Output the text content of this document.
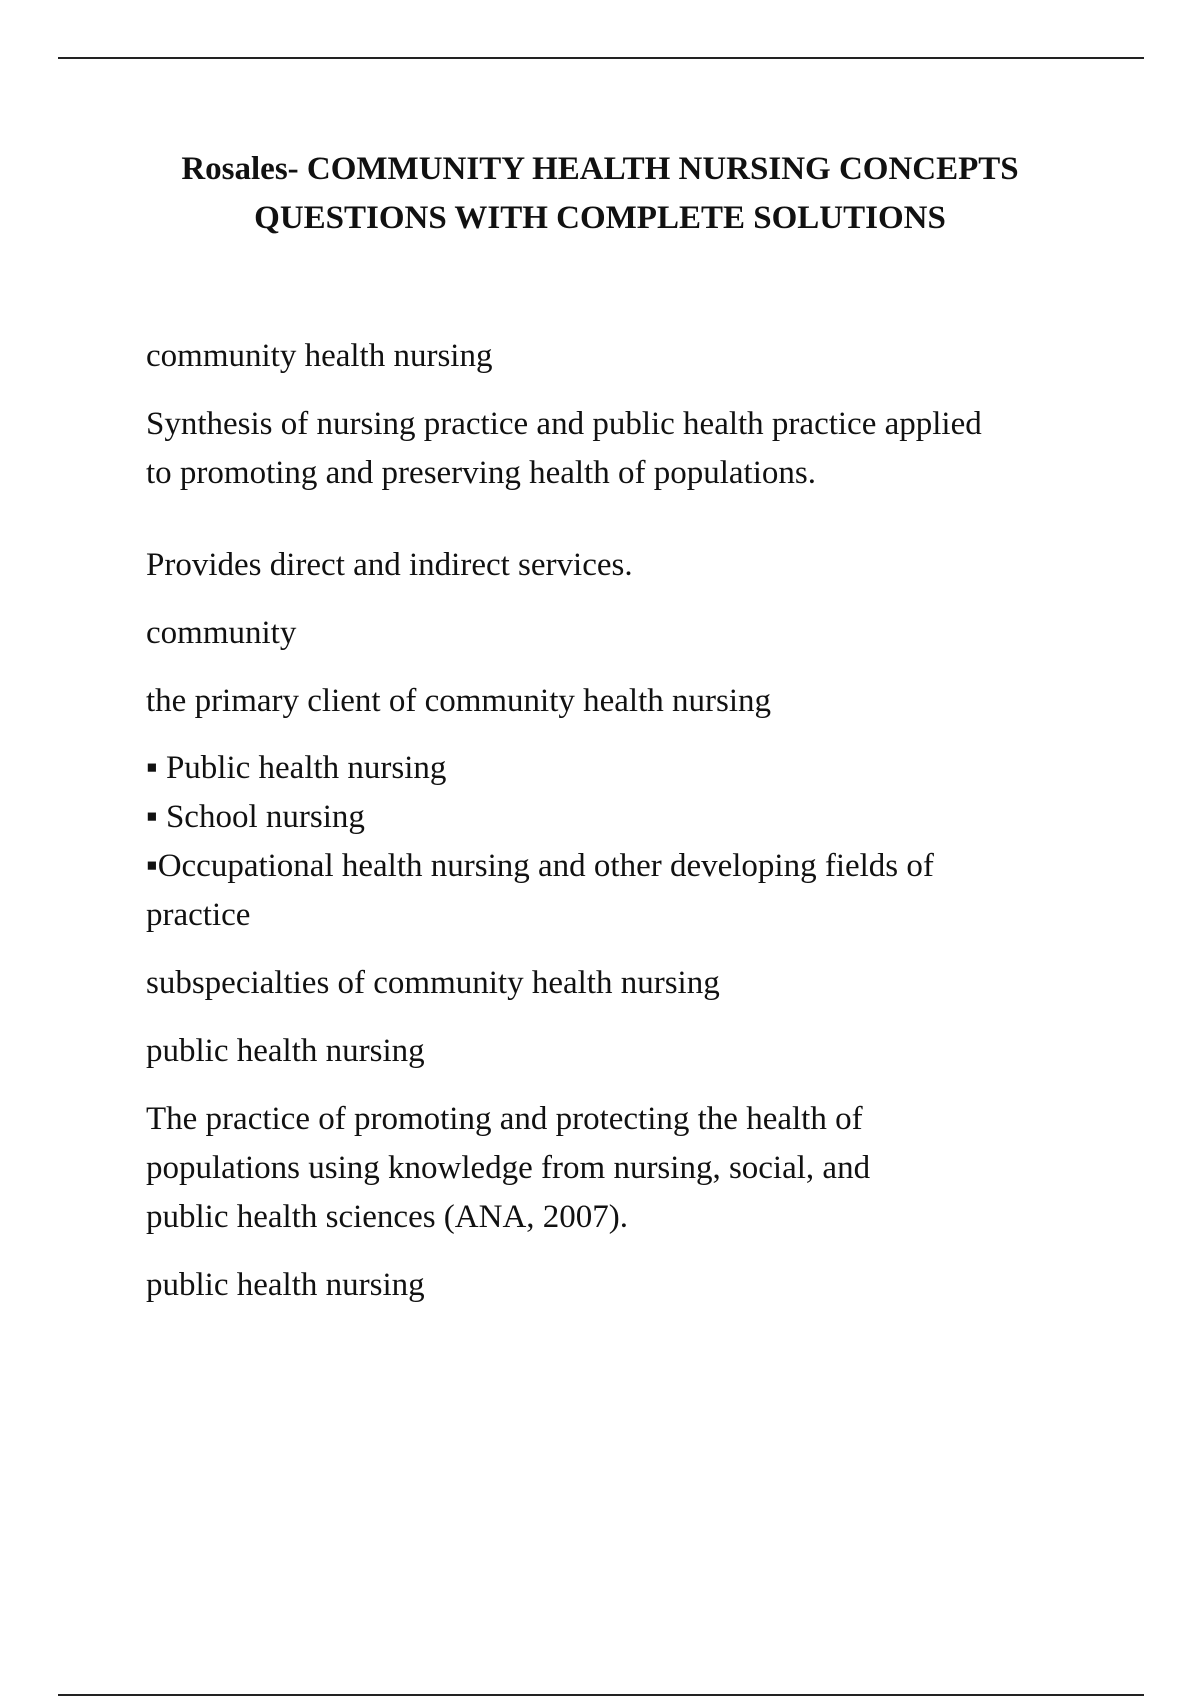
Rosales- COMMUNITY HEALTH NURSING CONCEPTS
QUESTIONS WITH COMPLETE SOLUTIONS

community health nursing

Synthesis of nursing practice and public health practice applied
to promoting and preserving health of populations.

Provides direct and indirect services.

community

the primary client of community health nursing

▪ Public health nursing
▪ School nursing
▪Occupational health nursing and other developing fields of
practice

subspecialties of community health nursing

public health nursing

The practice of promoting and protecting the health of
populations using knowledge from nursing, social, and
public health sciences (ANA, 2007).

public health nursing
